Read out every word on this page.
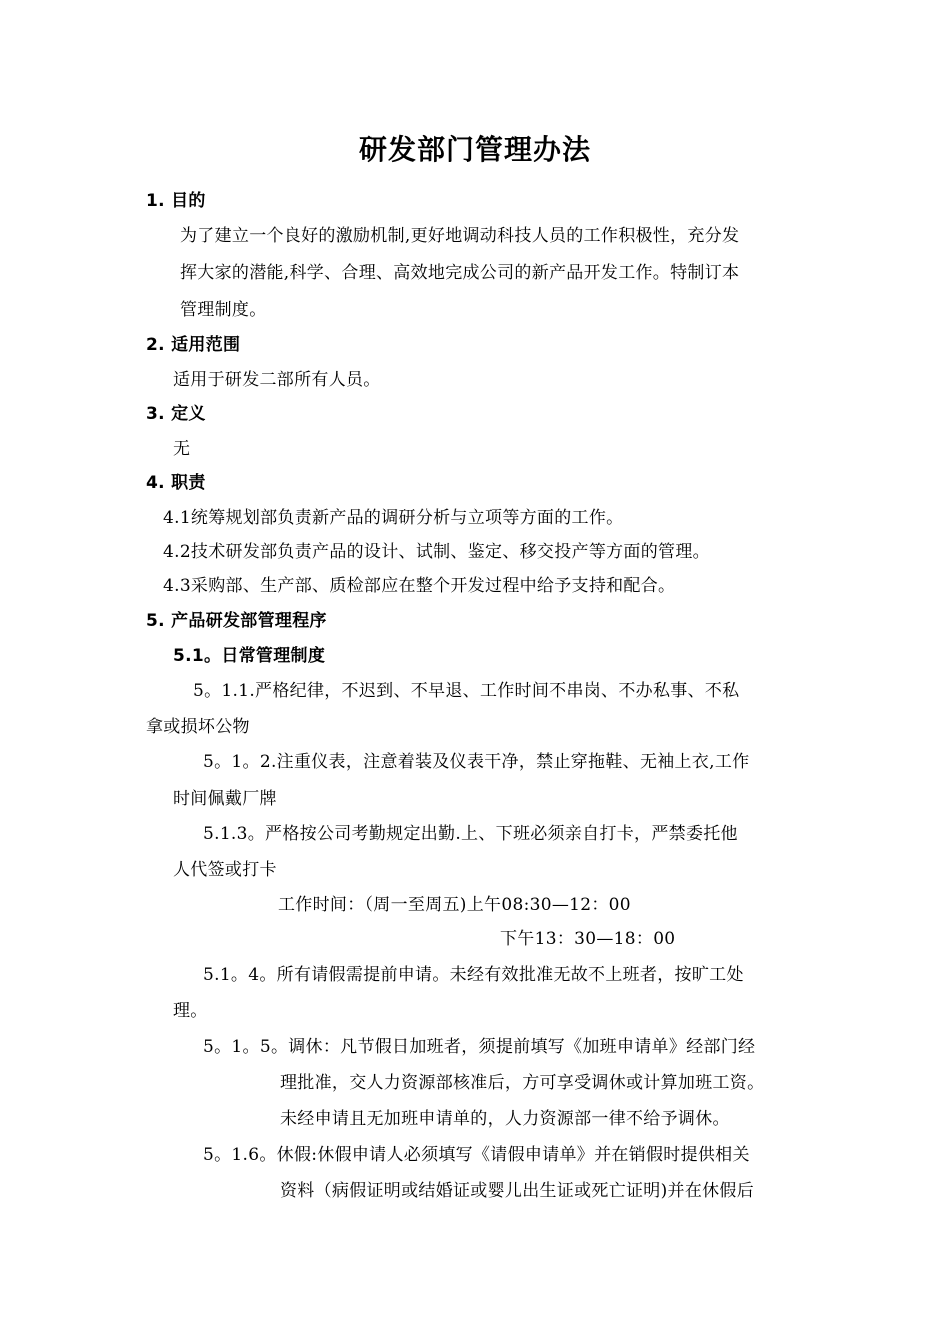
研发部门管理办法
1. 目的
为了建立一个良好的激励机制,更好地调动科技人员的工作积极性，充分发
挥大家的潜能,科学、合理、高效地完成公司的新产品开发工作。特制订本
管理制度。
2. 适用范围
适用于研发二部所有人员。
3. 定义
无
4. 职责
4.1统筹规划部负责新产品的调研分析与立项等方面的工作。
4.2技术研发部负责产品的设计、试制、鉴定、移交投产等方面的管理。
4.3采购部、生产部、质检部应在整个开发过程中给予支持和配合。
5. 产品研发部管理程序
5.1。日常管理制度
5。1.1.严格纪律，不迟到、不早退、工作时间不串岗、不办私事、不私
拿或损坏公物
5。1。2.注重仪表，注意着装及仪表干净，禁止穿拖鞋、无袖上衣,工作
时间佩戴厂牌
5.1.3。严格按公司考勤规定出勤.上、下班必须亲自打卡，严禁委托他
人代签或打卡
工作时间：（周一至周五)上午08:30—12：00
下午13：30—18：00
5.1。4。所有请假需提前申请。未经有效批准无故不上班者，按旷工处
理。
5。1。5。调休：凡节假日加班者，须提前填写《加班申请单》经部门经
理批准，交人力资源部核准后，方可享受调休或计算加班工资。
未经申请且无加班申请单的，人力资源部一律不给予调休。
5。1.6。休假:休假申请人必须填写《请假申请单》并在销假时提供相关
资料（病假证明或结婚证或婴儿出生证或死亡证明)并在休假后
